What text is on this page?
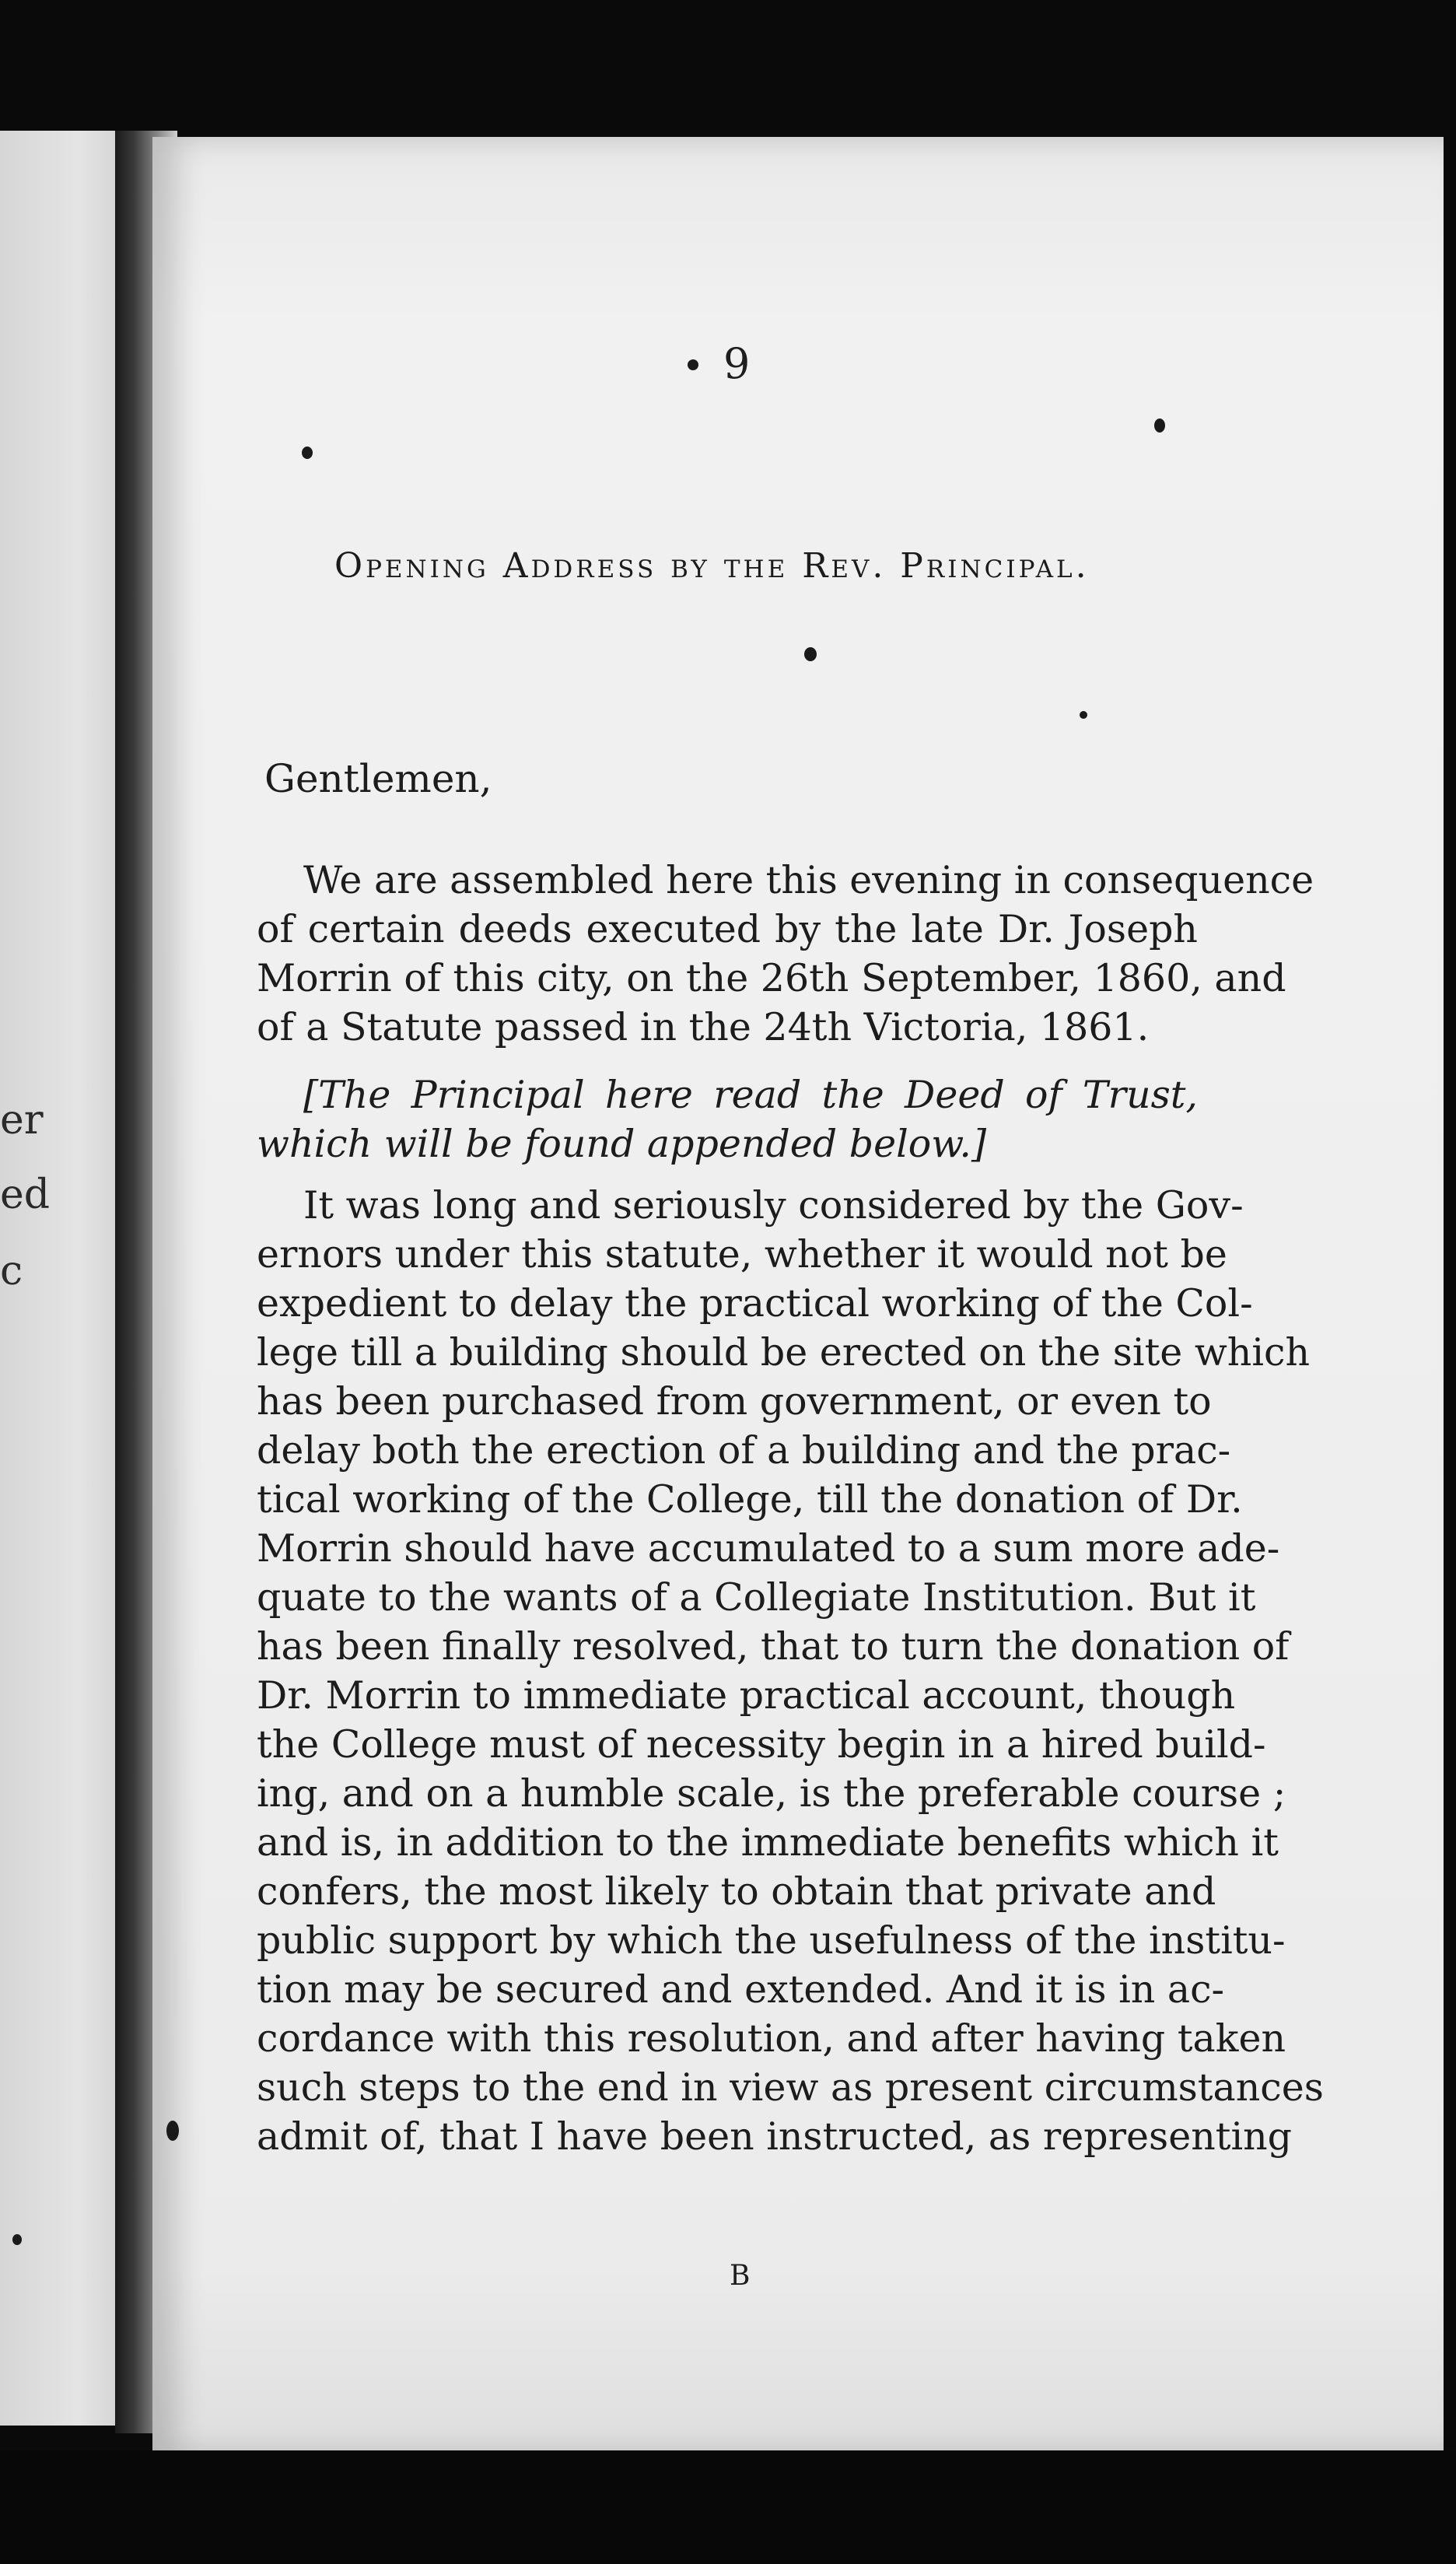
er
ed
c
9
Opening Address by the Rev. Principal.
Gentlemen,
We are assembled here this evening in consequence
of certain deeds executed by the late Dr. Joseph
Morrin of this city, on the 26th September, 1860, and
of a Statute passed in the 24th Victoria, 1861.
[The Principal here read the Deed of Trust,
which will be found appended below.]
It was long and seriously considered by the Gov-
ernors under this statute, whether it would not be
expedient to delay the practical working of the Col-
lege till a building should be erected on the site which
has been purchased from government, or even to
delay both the erection of a building and the prac-
tical working of the College, till the donation of Dr.
Morrin should have accumulated to a sum more ade-
quate to the wants of a Collegiate Institution. But it
has been finally resolved, that to turn the donation of
Dr. Morrin to immediate practical account, though
the College must of necessity begin in a hired build-
ing, and on a humble scale, is the preferable course ;
and is, in addition to the immediate benefits which it
confers, the most likely to obtain that private and
public support by which the usefulness of the institu-
tion may be secured and extended. And it is in ac-
cordance with this resolution, and after having taken
such steps to the end in view as present circumstances
admit of, that I have been instructed, as representing
B
